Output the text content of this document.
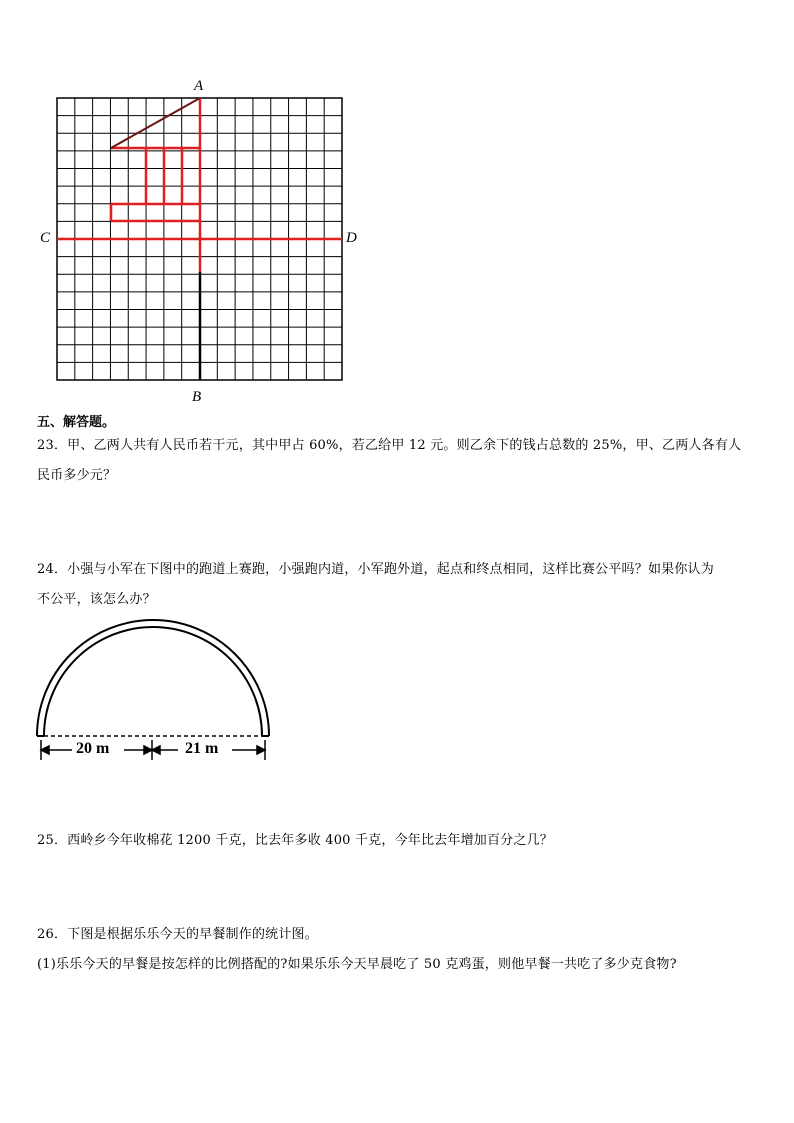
A
B
C	D
五、解答题。
23．甲、乙两人共有人民币若干元，其中甲占 60%，若乙给甲 12 元。则乙余下的钱占总数的 25%，甲、乙两人各有人
民币多少元？
24．小强与小军在下图中的跑道上赛跑，小强跑内道，小军跑外道，起点和终点相同，这样比赛公平吗？如果你认为
不公平，该怎么办？
20 m	21 m
25．西岭乡今年收棉花 1200 千克，比去年多收 400 千克，今年比去年增加百分之几？
26．下图是根据乐乐今天的早餐制作的统计图。
(1)乐乐今天的早餐是按怎样的比例搭配的?如果乐乐今天早晨吃了 50 克鸡蛋，则他早餐一共吃了多少克食物?
